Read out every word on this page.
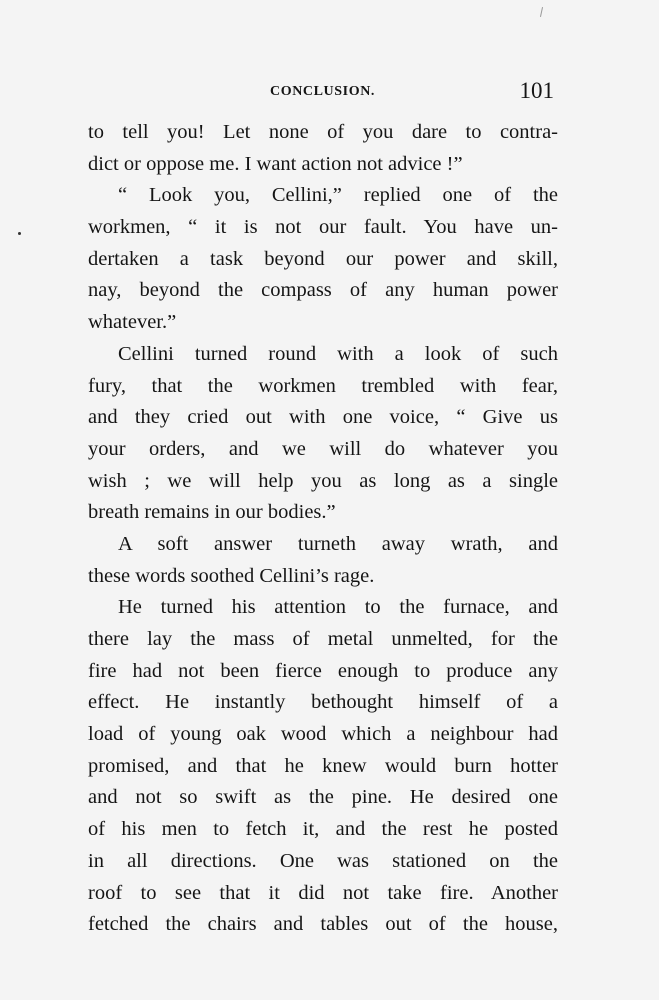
CONCLUSION.	101
to tell you! Let none of you dare to contra-
dict or oppose me. I want action not advice !”
“ Look you, Cellini,” replied one of the
workmen, “ it is not our fault. You have un-
dertaken a task beyond our power and skill,
nay, beyond the compass of any human power
whatever.”
Cellini turned round with a look of such
fury, that the workmen trembled with fear,
and they cried out with one voice, “ Give us
your orders, and we will do whatever you
wish ; we will help you as long as a single
breath remains in our bodies.”
A soft answer turneth away wrath, and
these words soothed Cellini’s rage.
He turned his attention to the furnace, and
there lay the mass of metal unmelted, for the
fire had not been fierce enough to produce any
effect. He instantly bethought himself of a
load of young oak wood which a neighbour had
promised, and that he knew would burn hotter
and not so swift as the pine. He desired one
of his men to fetch it, and the rest he posted
in all directions. One was stationed on the
roof to see that it did not take fire. Another
fetched the chairs and tables out of the house,
